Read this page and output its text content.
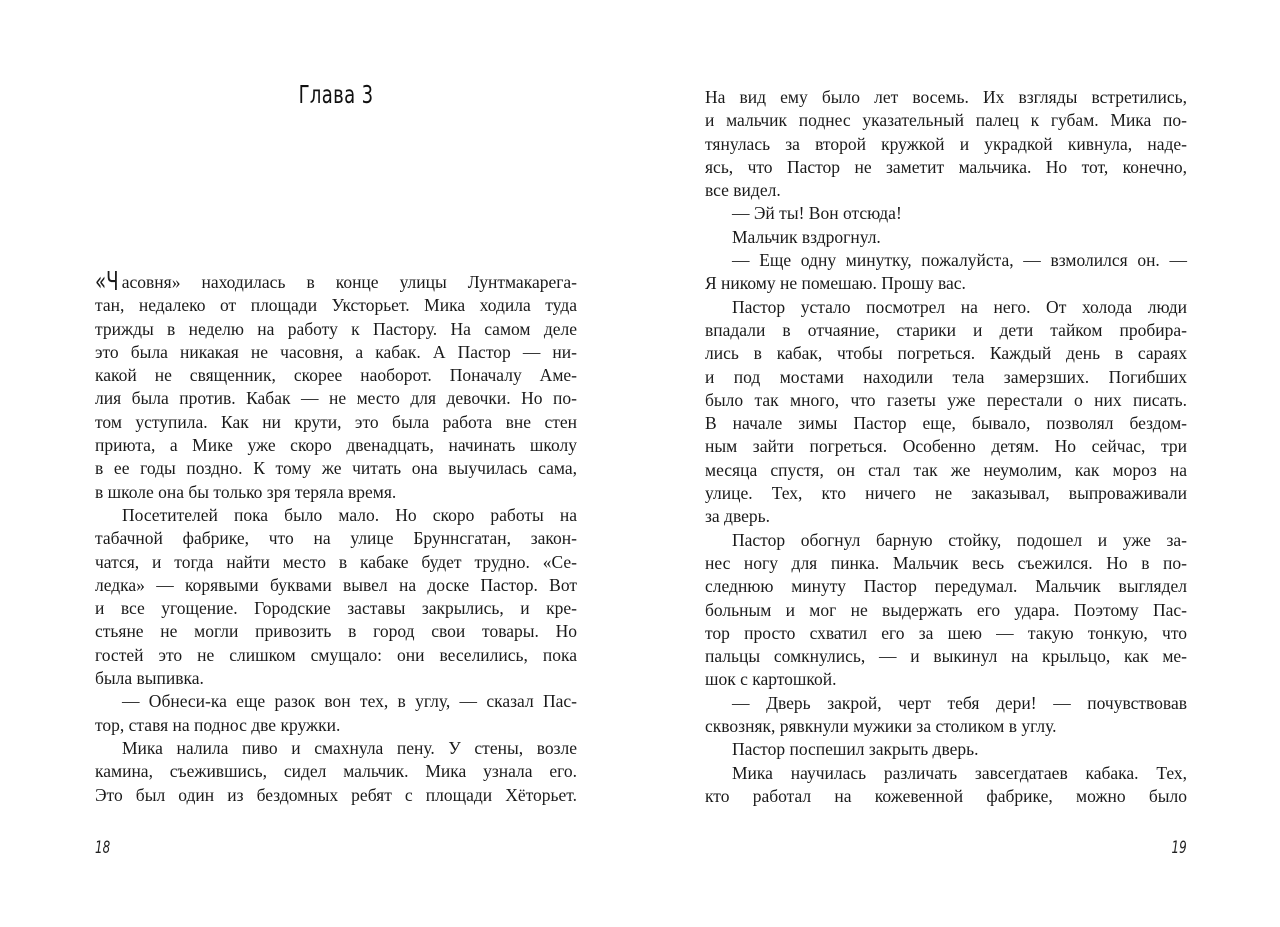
Глава 3
«Ч асовня» находилась в конце улицы Лунтмакарега-
тан, недалеко от площади Уксторьет. Мика ходила туда
трижды в неделю на работу к Пастору. На самом деле
это была никакая не часовня, а кабак. А Пастор — ни-
какой не священник, скорее наоборот. Поначалу Аме-
лия была против. Кабак — не место для девочки. Но по-
том уступила. Как ни крути, это была работа вне стен
приюта, а Мике уже скоро двенадцать, начинать школу
в ее годы поздно. К тому же читать она выучилась сама,
в школе она бы только зря теряла время.
Посетителей пока было мало. Но скоро работы на
табачной фабрике, что на улице Бруннсгатан, закон-
чатся, и тогда найти место в кабаке будет трудно. «Се-
ледка» — корявыми буквами вывел на доске Пастор. Вот
и все угощение. Городские заставы закрылись, и кре-
стьяне не могли привозить в город свои товары. Но
гостей это не слишком смущало: они веселились, пока
была выпивка.
— Обнеси-ка еще разок вон тех, в углу, — сказал Пас-
тор, ставя на поднос две кружки.
Мика налила пиво и смахнула пену. У стены, возле
камина, съежившись, сидел мальчик. Мика узнала его.
Это был один из бездомных ребят с площади Хёторьет.
18
На вид ему было лет восемь. Их взгляды встретились,
и мальчик поднес указательный палец к губам. Мика по-
тянулась за второй кружкой и украдкой кивнула, наде-
ясь, что Пастор не заметит мальчика. Но тот, конечно,
все видел.
— Эй ты! Вон отсюда!
Мальчик вздрогнул.
— Еще одну минутку, пожалуйста, — взмолился он. —
Я никому не помешаю. Прошу вас.
Пастор устало посмотрел на него. От холода люди
впадали в отчаяние, старики и дети тайком пробира-
лись в кабак, чтобы погреться. Каждый день в сараях
и под мостами находили тела замерзших. Погибших
было так много, что газеты уже перестали о них писать.
В начале зимы Пастор еще, бывало, позволял бездом-
ным зайти погреться. Особенно детям. Но сейчас, три
месяца спустя, он стал так же неумолим, как мороз на
улице. Тех, кто ничего не заказывал, выпроваживали
за дверь.
Пастор обогнул барную стойку, подошел и уже за-
нес ногу для пинка. Мальчик весь съежился. Но в по-
следнюю минуту Пастор передумал. Мальчик выглядел
больным и мог не выдержать его удара. Поэтому Пас-
тор просто схватил его за шею — такую тонкую, что
пальцы сомкнулись, — и выкинул на крыльцо, как ме-
шок с картошкой.
— Дверь закрой, черт тебя дери! — почувствовав
сквозняк, рявкнули мужики за столиком в углу.
Пастор поспешил закрыть дверь.
Мика научилась различать завсегдатаев кабака. Тех,
кто работал на кожевенной фабрике, можно было
19
